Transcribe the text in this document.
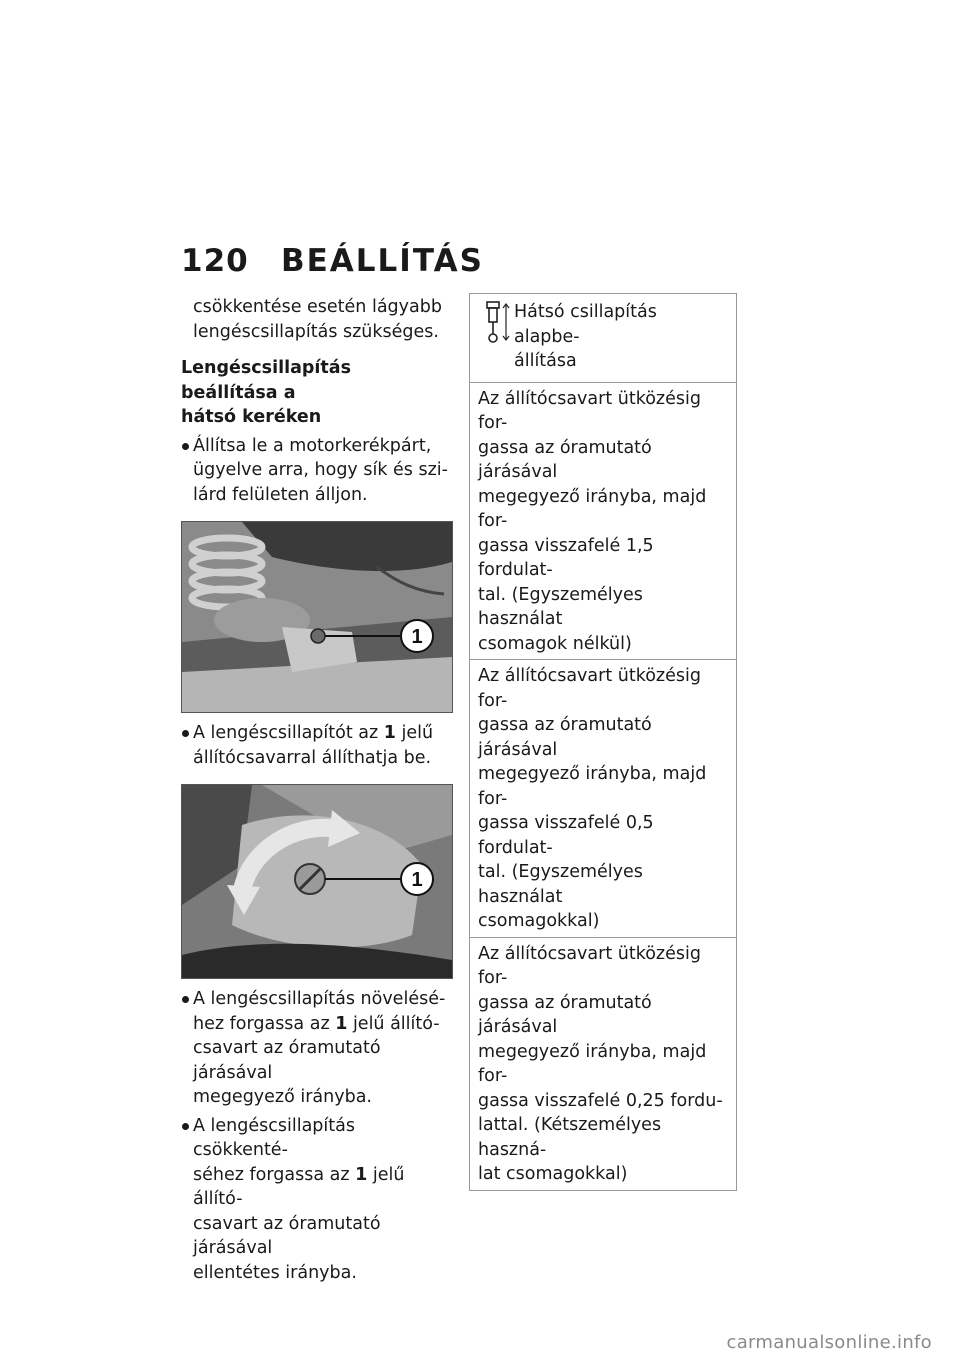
120	BEÁLLÍTÁS

csökkentése esetén lágyabb

lengéscsillapítás szükséges.

Lengéscsillapítás beállítása a
hátsó keréken
Állítsa le a motorkerékpárt,
ügyelve arra, hogy sík és szi-
lárd felületen álljon.
1
A lengéscsillapítót az 1 jelű
állítócsavarral állíthatja be.
1
A lengéscsillapítás növelésé-
hez forgassa az 1 jelű állító-
csavart az óramutató járásával
megegyező irányba.
A lengéscsillapítás csökkenté-
séhez forgassa az 1 jelű állító-
csavart az óramutató járásával
ellentétes irányba.
Hátsó csillapítás alapbe-
állítása
Az állítócsavart ütközésig for-
gassa az óramutató járásával
megegyező irányba, majd for-
gassa visszafelé 1,5 fordulat-
tal. (Egyszemélyes használat
csomagok nélkül)
Az állítócsavart ütközésig for-
gassa az óramutató járásával
megegyező irányba, majd for-
gassa visszafelé 0,5 fordulat-
tal. (Egyszemélyes használat
csomagokkal)
Az állítócsavart ütközésig for-
gassa az óramutató járásával
megegyező irányba, majd for-
gassa visszafelé 0,25 fordu-
lattal. (Kétszemélyes haszná-
lat csomagokkal)
carmanualsonline.info
